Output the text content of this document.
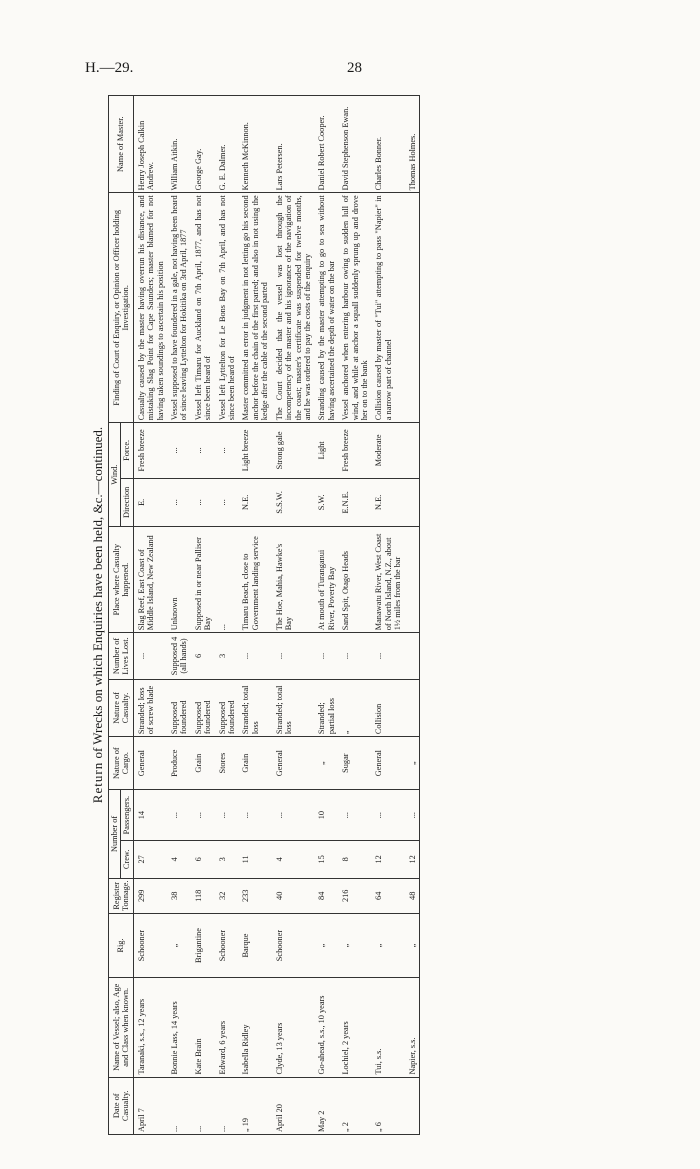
H.—29.	28
Return of Wrecks on which Enquiries have been held, &c.—continued.
Date of Casualty.	Name of Vessel; also, Age and Class when known.	Rig.	Register Tonnage.	Number of		Nature of Cargo.	Nature of Casualty.	Number of Lives Lost.	Place where Casualty happened.	Wind.		Finding of Court of Enquiry, or Opinion or Officer holding Investigation.	Name of Master.
				Crew.	Passengers.					Direction	Force.		
April 7	Taranaki, s.s., 12 years	Schooner	299	27	14	General	Stranded; loss of screw blade	...	Slag Reef, East Coast of Middle Island, New Zealand	E.	Fresh breeze	Casualty caused by the master having overrun his distance, and mistaking Slag Point for Cape Saunders; master blamed for not having taken soundings to ascertain his position	Henry Joseph Calkin Andrew.
...	Bonnie Lass, 14 years	„	38	4	...	Produce	Supposed foundered	Supposed 4 (all hands)	Unknown	...	...	Vessel supposed to have foundered in a gale, not having been heard of since leaving Lyttelton for Hokitika on 3rd April, 1877	William Aitkin.
...	Kate Brain	Brigantine	118	6	...	Grain	Supposed foundered	6	Supposed in or near Palliser Bay	...	...	Vessel left Timaru for Auckland on 7th April, 1877, and has not since been heard of	George Gay.
...	Edward, 6 years	Schooner	32	3	...	Stores	Supposed foundered	3	...	...	...	Vessel left Lyttelton for Le Bons Bay on 7th April, and has not since been heard of	G. E. Dalmer.
„ 19	Isabella Ridley	Barque	233	11	...	Grain	Stranded; total loss	...	Timaru Beach, close to Government landing service	N.E.	Light breeze	Master committed an error in judgment in not letting go his second anchor before the chain of the first parted; and also in not using the kedge after the cable of the second parted	Kenneth McKinnon.
April 20	Clyde, 13 years	Schooner	40	4	...	General	Stranded; total loss	...	The Hoe, Mahia, Hawke's Bay	S.S.W.	Strong gale	The Court decided that the vessel was lost through the incompetency of the master and his ignorance of the navigation of the coast; master's certificate was suspended for twelve months, and he was ordered to pay the costs of the enquiry	Lars Petersen.
May 2	Go-ahead, s.s., 10 years	„	84	15	10	„	Stranded; partial loss	...	At mouth of Turanganui River, Poverty Bay	S.W.	Light	Stranding caused by the master attempting to go to sea without having ascertained the depth of water on the bar	Daniel Robert Cooper.
„ 2	Lochiel, 2 years	„	216	8	...	Sugar	„	...	Sand Spit, Otago Heads	E.N.E.	Fresh breeze	Vessel anchored when entering harbour owing to sudden lull of wind, and while at anchor a squall suddenly sprung up and drove her on to the bank	David Stephenson Ewan.
„ 6	Tui, s.s.	„	64	12	...	General	Collision	...	Manawatu River, West Coast of North Island, N.Z., about 1½ miles from the bar	N.E.	Moderate	Collision caused by master of "Tui" attempting to pass "Napier" in a narrow part of channel	Charles Bonner.
	Napier, s.s.	„	48	12	...	„							Thomas Holmes.
